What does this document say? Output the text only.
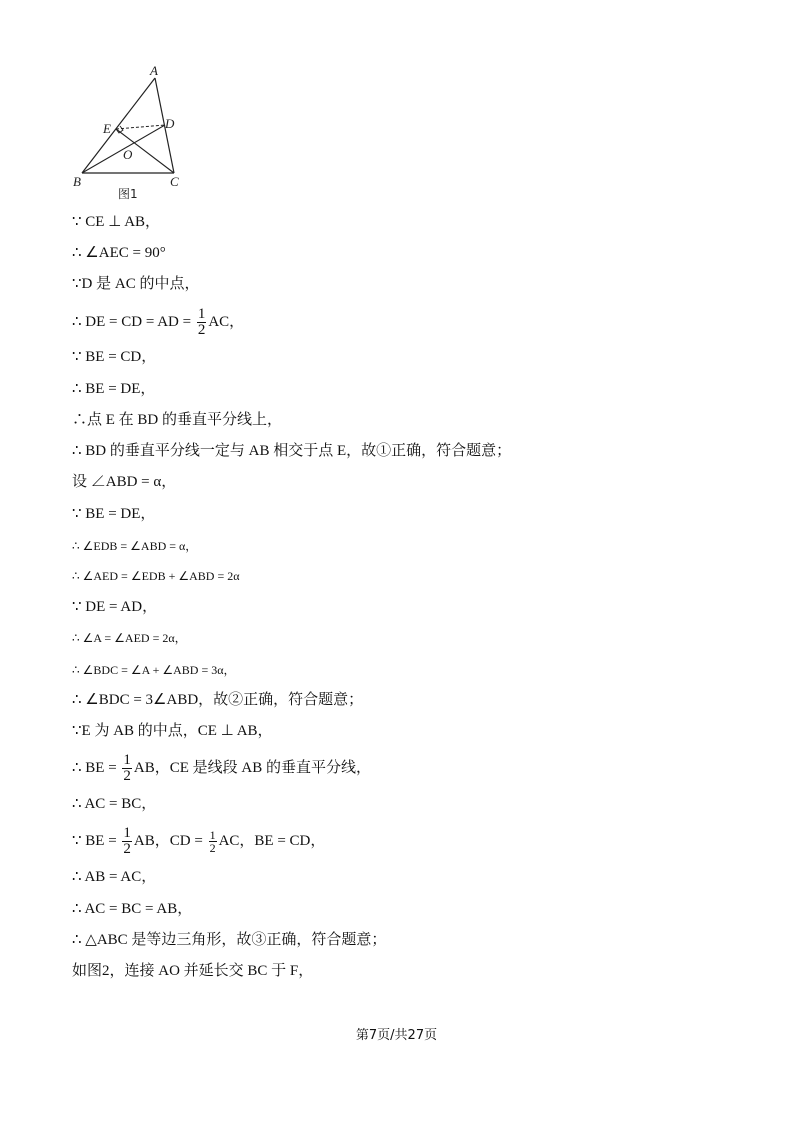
A
E	D
O
B	C
图1
∵ CE ⊥ AB，
∴ ∠AEC = 90°
∵D 是 AC 的中点，
∴ DE = CD = AD = $\frac{1}{2}$ AC，
∵ BE = CD，
∴ BE = DE，
∴点 E 在 BD 的垂直平分线上，
∴ BD 的垂直平分线一定与 AB 相交于点 E，故①正确，符合题意；
设 ∠ABD = α，
∵ BE = DE，
∴ ∠EDB = ∠ABD = α，
∴ ∠AED = ∠EDB + ∠ABD = 2α
∵ DE = AD，
∴ ∠A = ∠AED = 2α，
∴ ∠BDC = ∠A + ∠ABD = 3α，
∴ ∠BDC = 3∠ABD，故②正确，符合题意；
∵E 为 AB 的中点，CE ⊥ AB，
∴ BE = $\frac{1}{2}$ AB，CE 是线段 AB 的垂直平分线，
∴ AC = BC，
∵ BE = $\frac{1}{2}$ AB，CD = $\frac{1}{2}$ AC，BE = CD，
∴ AB = AC，
∴ AC = BC = AB，
∴ △ABC 是等边三角形，故③正确，符合题意；
如图2，连接 AO 并延长交 BC 于 F，
第7页/共27页
